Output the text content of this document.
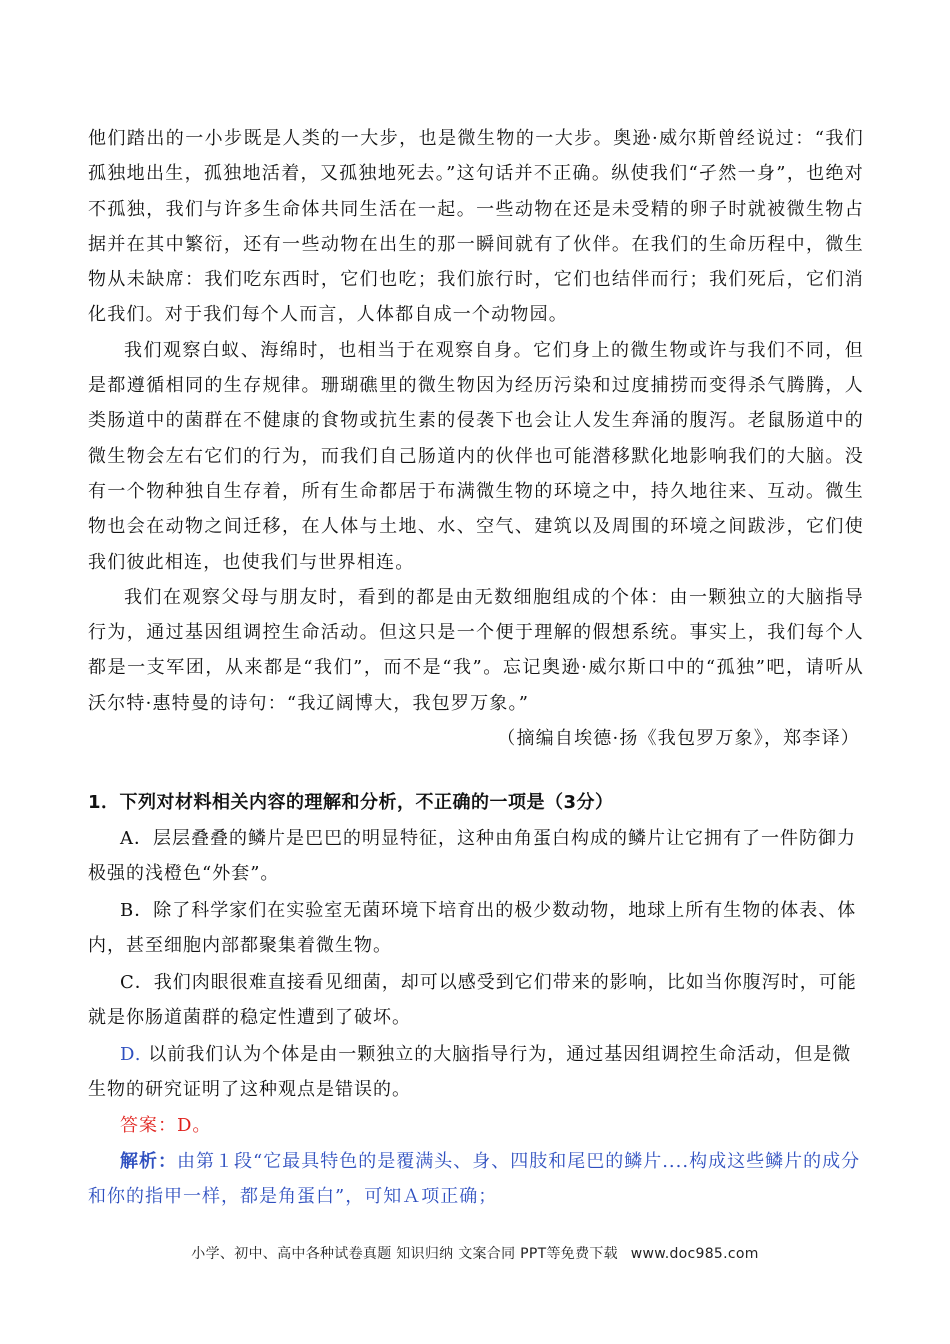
他们踏出的一小步既是人类的一大步，也是微生物的一大步。奥逊·威尔斯曾经说过：“我们孤独地出生，孤独地活着，又孤独地死去。”这句话并不正确。纵使我们“孑然一身”，也绝对不孤独，我们与许多生命体共同生活在一起。一些动物在还是未受精的卵子时就被微生物占据并在其中繁衍，还有一些动物在出生的那一瞬间就有了伙伴。在我们的生命历程中，微生物从未缺席：我们吃东西时，它们也吃；我们旅行时，它们也结伴而行；我们死后，它们消化我们。对于我们每个人而言，人体都自成一个动物园。

我们观察白蚁、海绵时，也相当于在观察自身。它们身上的微生物或许与我们不同，但是都遵循相同的生存规律。珊瑚礁里的微生物因为经历污染和过度捕捞而变得杀气腾腾，人类肠道中的菌群在不健康的食物或抗生素的侵袭下也会让人发生奔涌的腹泻。老鼠肠道中的微生物会左右它们的行为，而我们自己肠道内的伙伴也可能潜移默化地影响我们的大脑。没有一个物种独自生存着，所有生命都居于布满微生物的环境之中，持久地往来、互动。微生物也会在动物之间迁移，在人体与土地、水、空气、建筑以及周围的环境之间跋涉，它们使我们彼此相连，也使我们与世界相连。

我们在观察父母与朋友时，看到的都是由无数细胞组成的个体：由一颗独立的大脑指导行为，通过基因组调控生命活动。但这只是一个便于理解的假想系统。事实上，我们每个人都是一支军团，从来都是“我们”，而不是“我”。忘记奥逊·威尔斯口中的“孤独”吧，请听从沃尔特·惠特曼的诗句：“我辽阔博大，我包罗万象。”

（摘编自埃德·扬《我包罗万象》，郑李译）

1．下列对材料相关内容的理解和分析，不正确的一项是（3分）

A．层层叠叠的鳞片是巴巴的明显特征，这种由角蛋白构成的鳞片让它拥有了一件防御力极强的浅橙色“外套”。

B．除了科学家们在实验室无菌环境下培育出的极少数动物，地球上所有生物的体表、体内，甚至细胞内部都聚集着微生物。

C．我们肉眼很难直接看见细菌，却可以感受到它们带来的影响，比如当你腹泻时，可能就是你肠道菌群的稳定性遭到了破坏。

D. 以前我们认为个体是由一颗独立的大脑指导行为，通过基因组调控生命活动，但是微生物的研究证明了这种观点是错误的。

答案：D。

解析：由第１段“它最具特色的是覆满头、身、四肢和尾巴的鳞片....构成这些鳞片的成分和你的指甲一样，都是角蛋白”，可知Ａ项正确；

小学、初中、高中各种试卷真题 知识归纳 文案合同 PPT等免费下载 www.doc985.com
